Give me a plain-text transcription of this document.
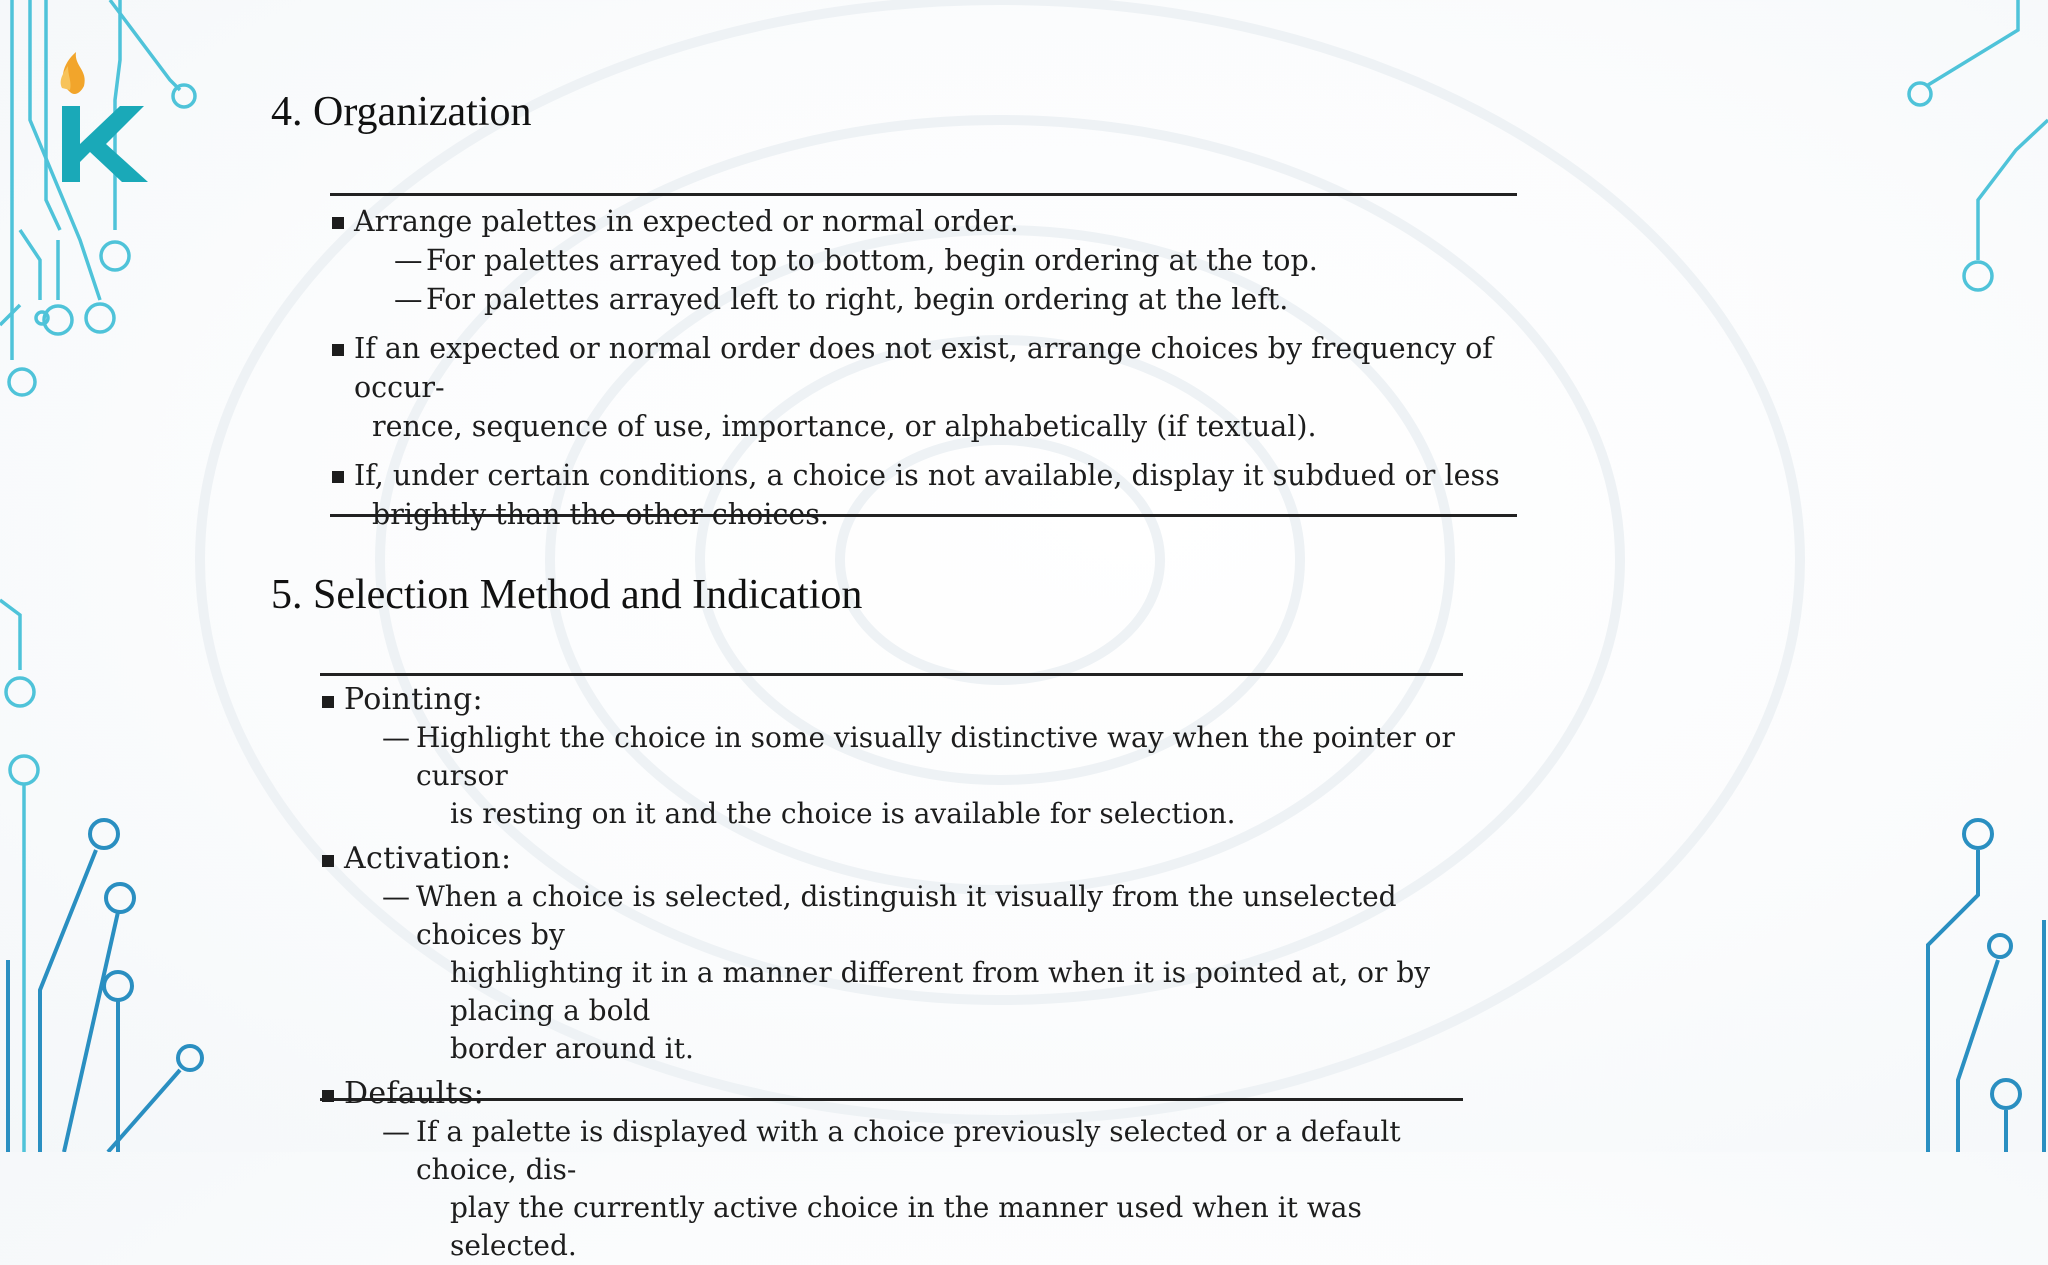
4. Organization
Arrange palettes in expected or normal order.
— For palettes arrayed top to bottom, begin ordering at the top.
— For palettes arrayed left to right, begin ordering at the left.
If an expected or normal order does not exist, arrange choices by frequency of occur-
rence, sequence of use, importance, or alphabetically (if textual).
If, under certain conditions, a choice is not available, display it subdued or less
brightly than the other choices.
5. Selection Method and Indication
Pointing:
— Highlight the choice in some visually distinctive way when the pointer or cursor
is resting on it and the choice is available for selection.
Activation:
— When a choice is selected, distinguish it visually from the unselected choices by
highlighting it in a manner different from when it is pointed at, or by placing a bold
border around it.
Defaults:
— If a palette is displayed with a choice previously selected or a default choice, dis-
play the currently active choice in the manner used when it was selected.
